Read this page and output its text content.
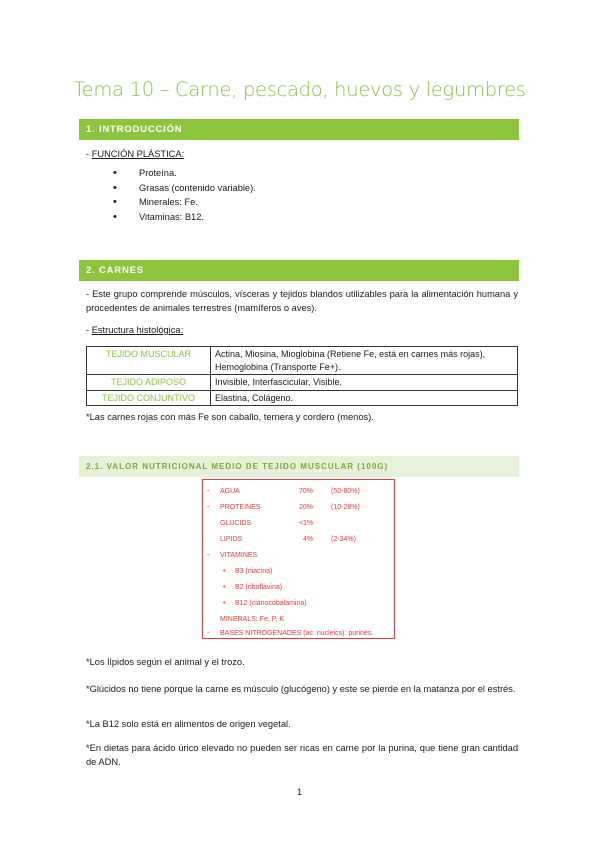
Tema 10 – Carne, pescado, huevos y legumbres
1. INTRODUCCIÓN
- FUNCIÓN PLÁSTICA:
• Proteína.
• Grasas (contenido variable).
• Minerales: Fe.
• Vitaminas: B12.
2. CARNES
- Este grupo comprende músculos, vísceras y tejidos blandos utilizables para la alimentación humana y procedentes de animales terrestres (mamíferos o aves).
- Estructura histológica:
TEJIDO MUSCULAR	Actina, Miosina, Mioglobina (Retiene Fe, está en carnes más rojas), Hemoglobina (Transporte Fe+).
TEJIDO ADIPOSO	Invisible, Interfascicular, Visible.
TEJIDO CONJUNTIVO	Elastina, Colágeno.
*Las carnes rojas con más Fe son caballo, ternera y cordero (menos).
2.1. VALOR NUTRICIONAL MEDIO DE TEJIDO MUSCULAR (100G)
- AGUA	70%	(50-80%)
- PROTEINES	20%	(10-28%)
GLUCIDS	<1%
LIPIDS	4%	(2-34%)
- VITAMINES
• B3 (niacina)
• B2 (riboflavina)
• B12 (cianocobalamina)
MINERALS: Fe, P, K
- BASES NITROGENADES (ac. nucleics): purines.
*Los lípidos según el animal y el trozo.
*Glúcidos no tiene porque la carne es músculo (glucógeno) y este se pierde en la matanza por el estrés.
*La B12 solo está en alimentos de origen vegetal.
*En dietas para ácido úrico elevado no pueden ser ricas en carne por la purina, que tiene gran cantidad de ADN.
1
